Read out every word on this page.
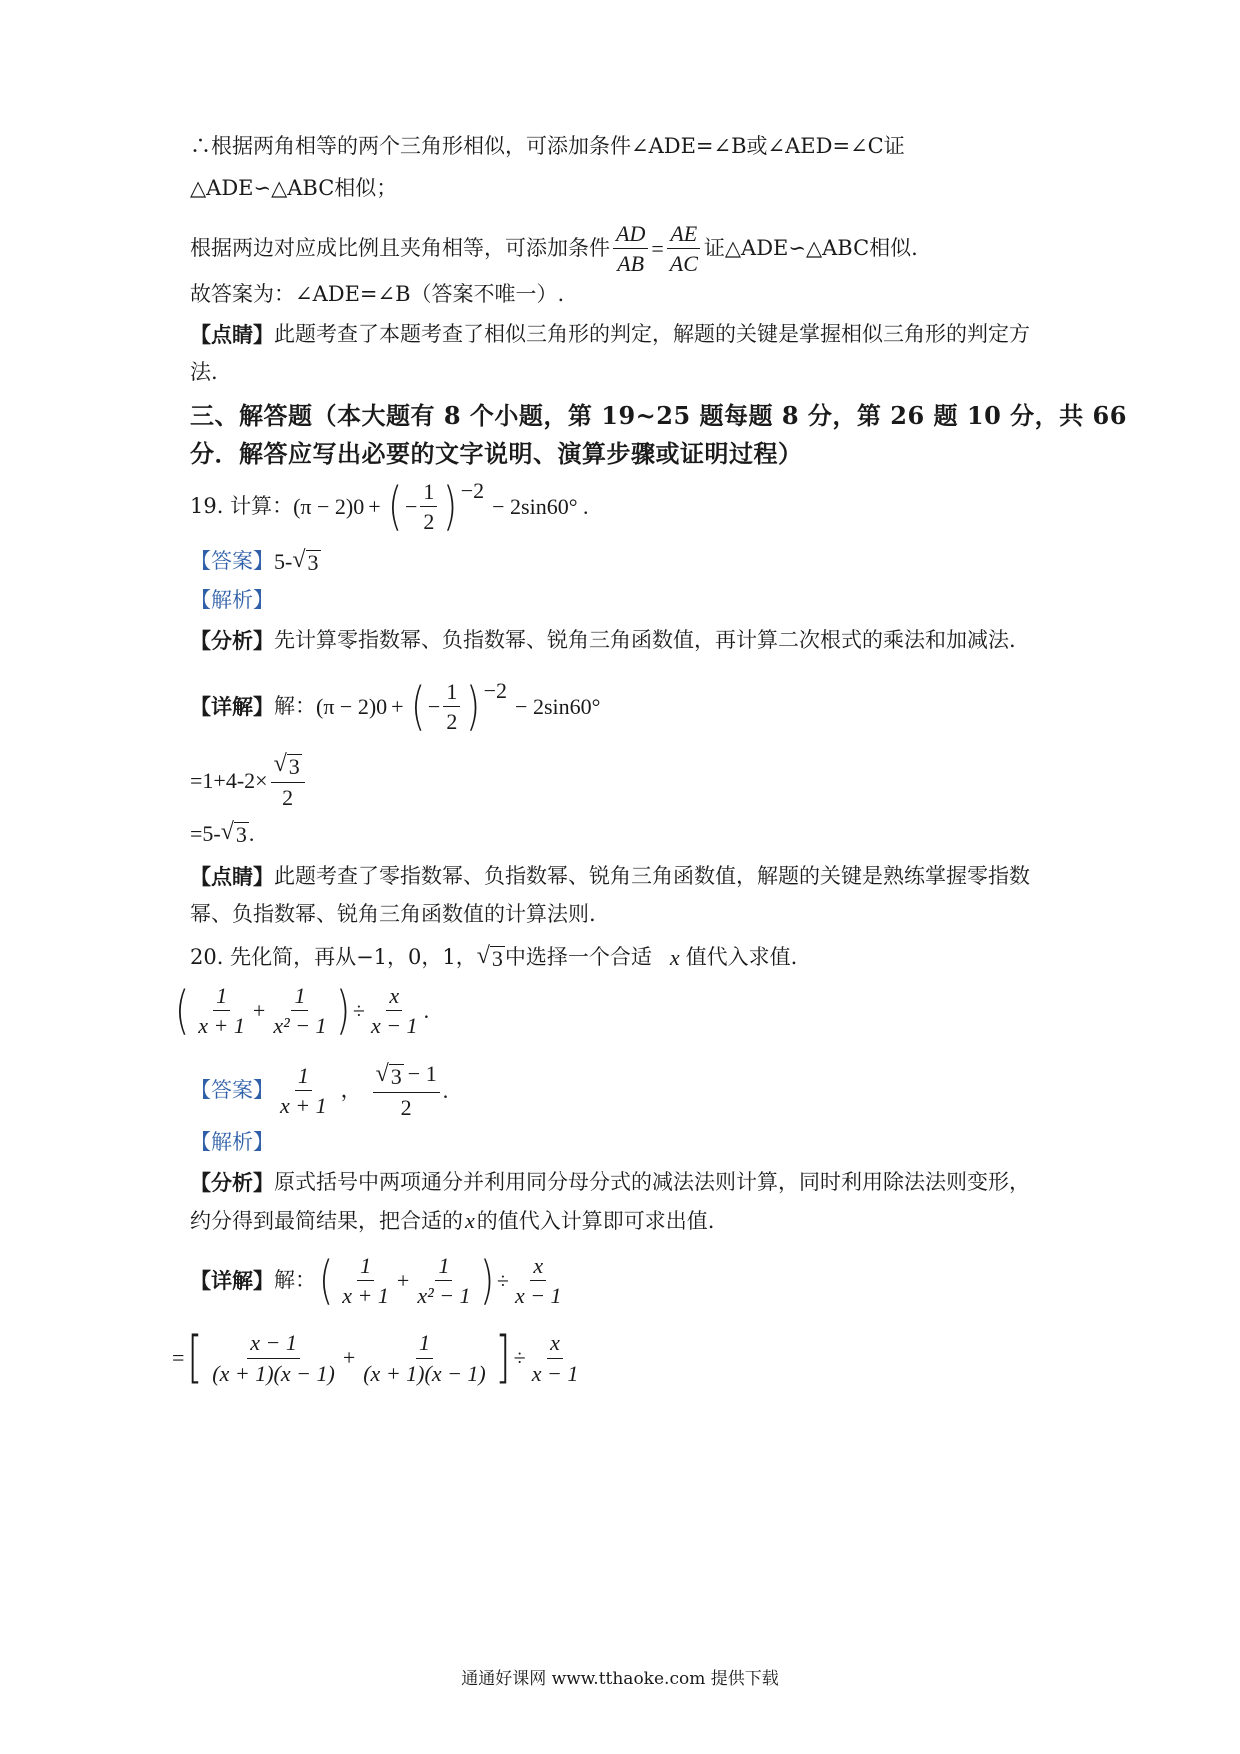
∴根据两角相等的两个三角形相似，可添加条件∠ADE=∠B或∠AED=∠C证
△ADE∽△ABC相似；
根据两边对应成比例且夹角相等，可添加条件 $\frac{AD}{AB} = \frac{AE}{AC}$ 证△ADE∽△ABC相似.
故答案为：∠ADE=∠B（答案不唯一）.
【点睛】 此题考查了本题考查了相似三角形的判定，解题的关键是掌握相似三角形的判定方
法.
三、解答题（本大题有 8 个小题，第 19~25 题每题 8 分，第 26 题 10 分，共 66
分．解答应写出必要的文字说明、演算步骤或证明过程）
19. 计算： (π − 2) 0 + ( − $\frac{1}{2}$ ) −2
− 2sin60° .
【答案】 5- √ 3
【解析】
【分析】 先计算零指数幂、负指数幂、锐角三角函数值，再计算二次根式的乘法和加减法.
【详解】 解： (π − 2) 0 + ( − $\frac{1}{2}$ ) −2
− 2sin60°
$=1+4-2\times \frac{√ 3}{2}$
=5- √ 3 .
【点睛】 此题考查了零指数幂、负指数幂、锐角三角函数值，解题的关键是熟练掌握零指数
幂、负指数幂、锐角三角函数值的计算法则.
20. 先化简，再从−1，0，1， √ 3 中选择一个合适 x 值代入求值.
( $\frac{1}{x + 1} + \frac{1}{\text{x² − 1}}$ ) ÷ $\frac{x}{x - 1}$ .
【答案】 $\frac{1}{x + 1}$ ， $\frac{√ 3 - 1}{2}$ .
【解析】
【分析】 原式括号中两项通分并利用同分母分式的减法法则计算，同时利用除法法则变形，
约分得到最简结果，把合适的 x 的值代入计算即可求出值.
【详解】 解： ( $\frac{1}{x + 1} + \frac{1}{\text{x² − 1}}$ ) ÷ $\frac{x}{x - 1}$
= [ $\frac{x - 1}{(x + 1)(x - 1)} + \frac{1}{(x + 1)(x - 1)}$ ] ÷ $\frac{x}{x - 1}$
通通好课网 www.tthaoke.com 提供下载
